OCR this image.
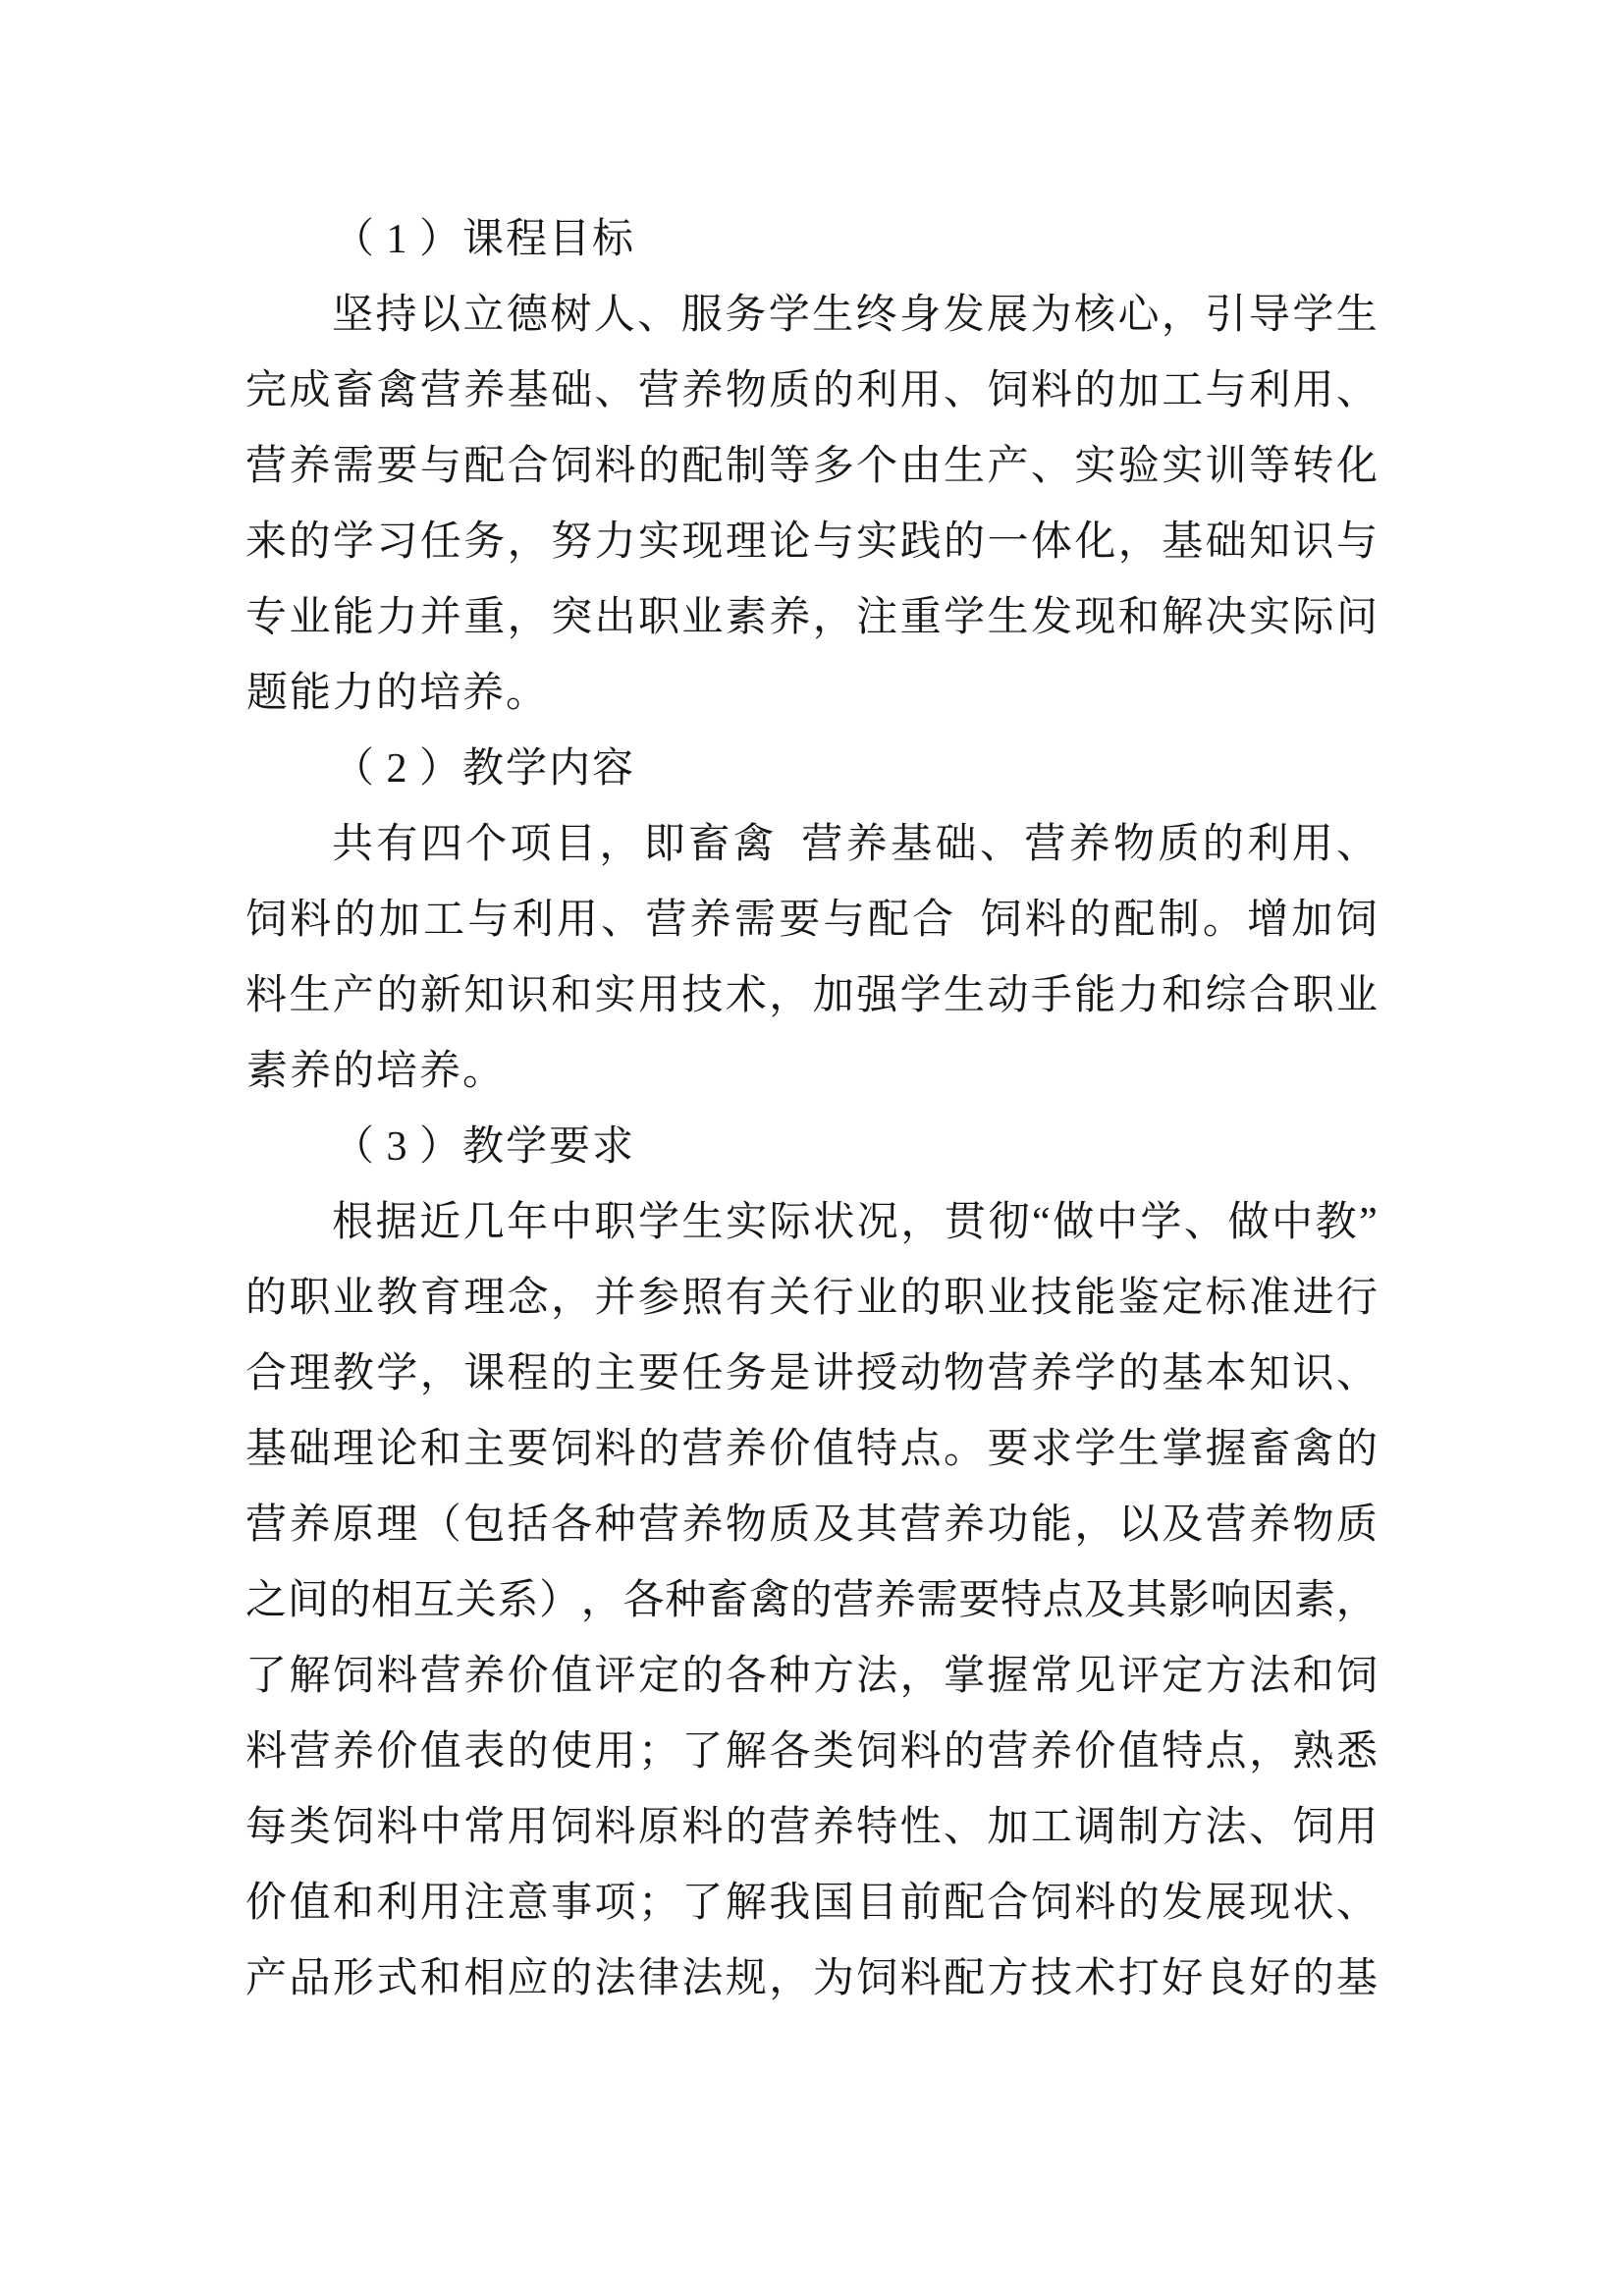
（ 1 ） 课 程 目 标
坚 持 以 立 德 树 人 、 服 务 学 生 终 身 发 展 为 核 心 ， 引 导 学 生
完 成 畜 禽 营 养 基 础 、 营 养 物 质 的 利 用 、 饲 料 的 加 工 与 利 用 、
营 养 需 要 与 配 合 饲 料 的 配 制 等 多 个 由 生 产 、 实 验 实 训 等 转 化
来 的 学 习 任 务 ， 努 力 实 现 理 论 与 实 践 的 一 体 化 ， 基 础 知 识 与
专 业 能 力 并 重 ， 突 出 职 业 素 养 ， 注 重 学 生 发 现 和 解 决 实 际 问
题 能 力 的 培 养 。
（ 2 ） 教 学 内 容
共 有 四 个 项 目 ， 即 畜 禽
营 养 基 础 、 营 养 物 质 的 利 用 、
饲 料 的 加 工 与 利 用 、 营 养 需 要 与 配 合
饲 料 的 配 制 。 增 加 饲
料 生 产 的 新 知 识 和 实 用 技 术 ， 加 强 学 生 动 手 能 力 和 综 合 职 业
素 养 的 培 养 。
（ 3 ） 教 学 要 求
根 据 近 几 年 中 职 学 生 实 际 状 况 ， 贯 彻 “ 做 中 学 、 做 中 教 ”
的 职 业 教 育 理 念 ， 并 参 照 有 关 行 业 的 职 业 技 能 鉴 定 标 准 进 行
合 理 教 学 ， 课 程 的 主 要 任 务 是 讲 授 动 物 营 养 学 的 基 本 知 识 、
基 础 理 论 和 主 要 饲 料 的 营 养 价 值 特 点 。 要 求 学 生 掌 握 畜 禽 的
营 养 原 理 （ 包 括 各 种 营 养 物 质 及 其 营 养 功 能 ， 以 及 营 养 物 质
之 间 的 相 互 关 系 ） ， 各 种 畜 禽 的 营 养 需 要 特 点 及 其 影 响 因 素 ，
了 解 饲 料 营 养 价 值 评 定 的 各 种 方 法 ， 掌 握 常 见 评 定 方 法 和 饲
料 营 养 价 值 表 的 使 用 ； 了 解 各 类 饲 料 的 营 养 价 值 特 点 ， 熟 悉
每 类 饲 料 中 常 用 饲 料 原 料 的 营 养 特 性 、 加 工 调 制 方 法 、 饲 用
价 值 和 利 用 注 意 事 项 ； 了 解 我 国 目 前 配 合 饲 料 的 发 展 现 状 、
产 品 形 式 和 相 应 的 法 律 法 规 ， 为 饲 料 配 方 技 术 打 好 良 好 的 基
